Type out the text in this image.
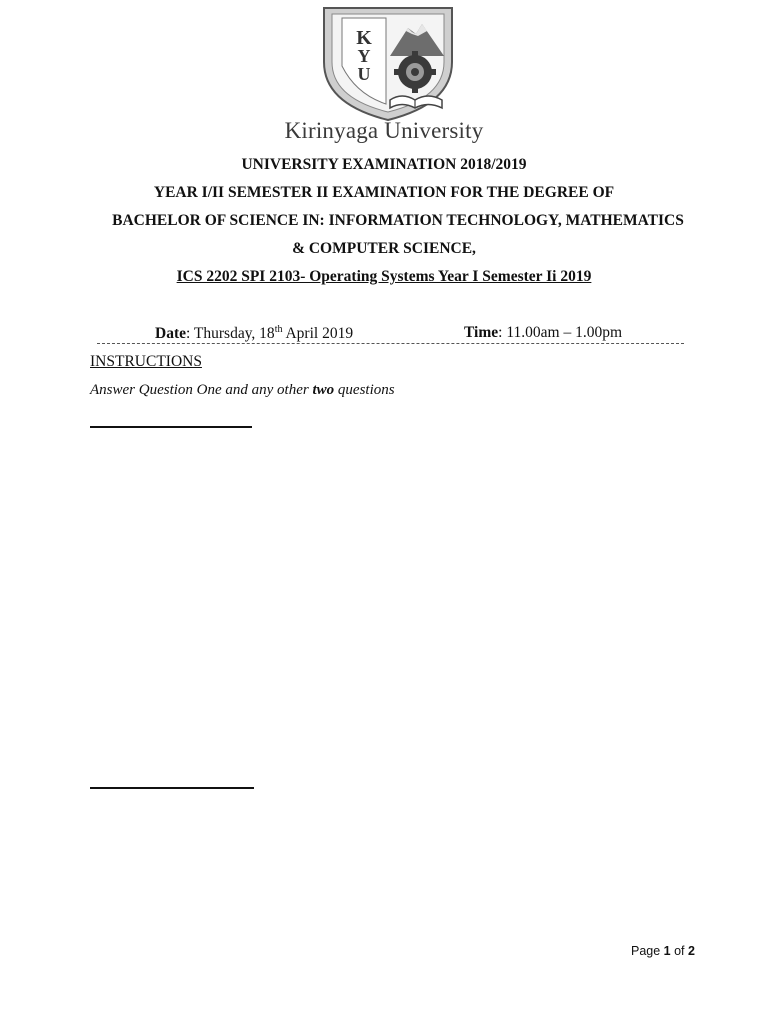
K
Y
U
Kirinyaga University
UNIVERSITY EXAMINATION 2018/2019
YEAR I/II SEMESTER II EXAMINATION FOR THE DEGREE OF
BACHELOR OF SCIENCE IN: INFORMATION TECHNOLOGY, MATHEMATICS
& COMPUTER SCIENCE,
ICS 2202 SPI 2103- Operating Systems Year I Semester Ii 2019
Date: Thursday, 18th April 2019	Time: 11.00am – 1.00pm
INSTRUCTIONS
Answer Question One and any other two questions
Page 1 of 2
